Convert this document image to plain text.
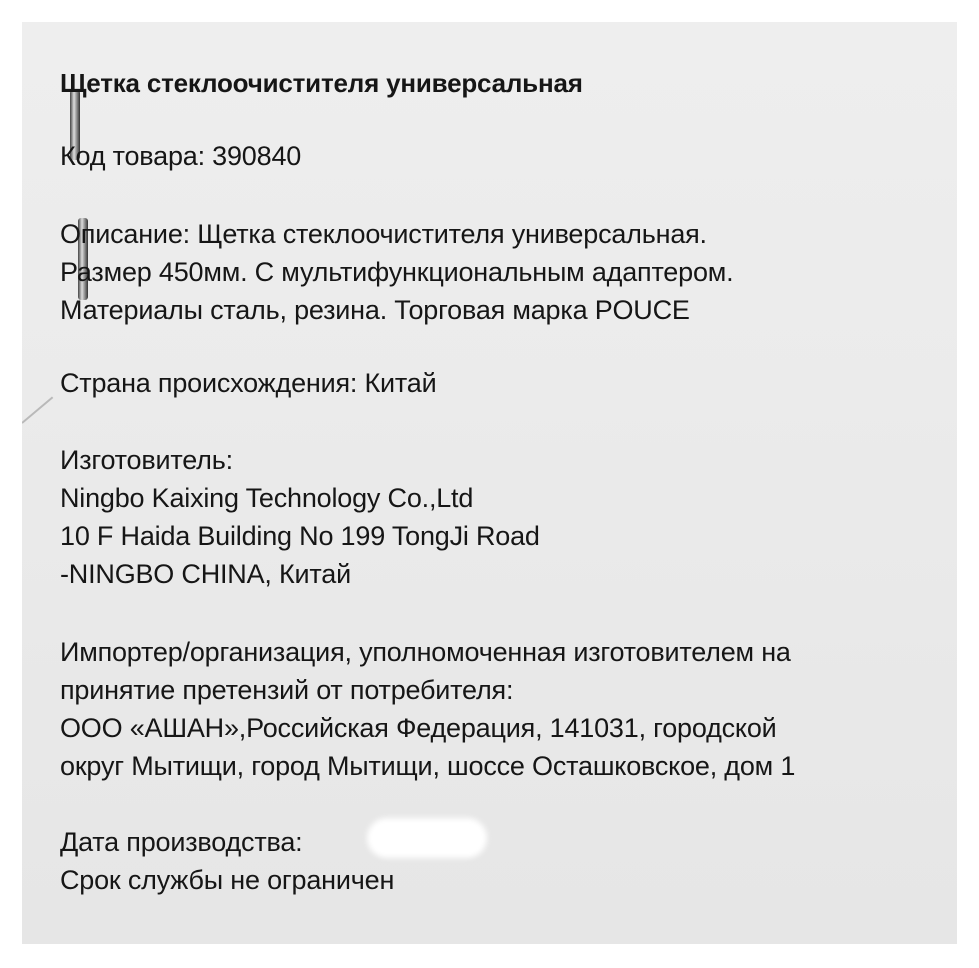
Щетка стеклоочистителя универсальная

Код товара: 390840

Описание: Щетка стеклоочистителя универсальная.

Размер 450мм. С мультифункциональным адаптером.

Материалы сталь, резина. Торговая марка POUCE

Страна происхождения: Китай

Изготовитель:

Ningbo Kaixing Technology Co.,Ltd

10 F Haida Building No 199 TongJi Road

-NINGBO CHINA, Китай

Импортер/организация, уполномоченная изготовителем на

принятие претензий от потребителя:

ООО «АШАН»,Российская Федерация, 141031, городской

округ Мытищи, город Мытищи, шоссе Осташковское, дом 1

Дата производства:

Срок службы не ограничен
